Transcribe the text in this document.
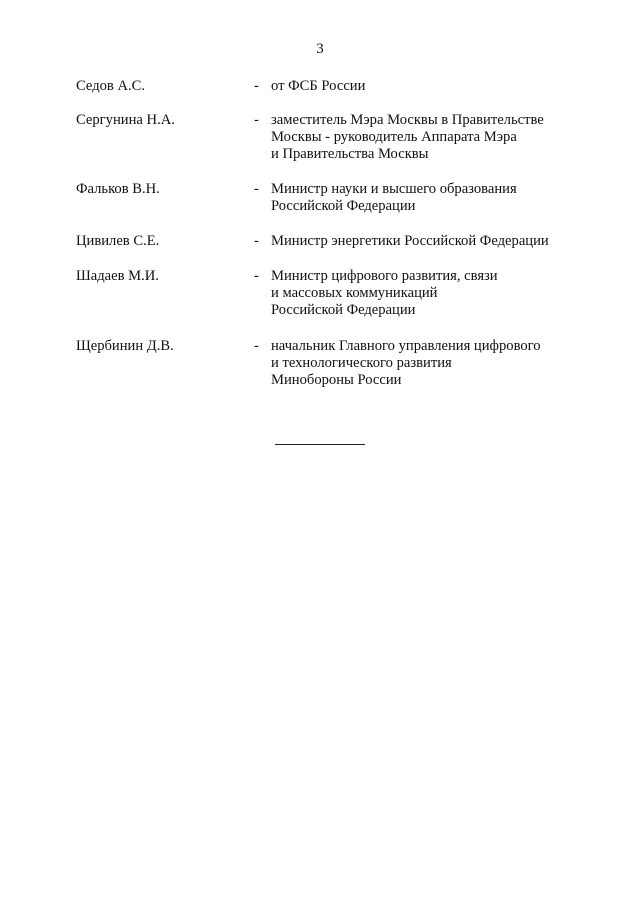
3
Седов А.С.	- от ФСБ России
Сергунина Н.А.	- заместитель Мэра Москвы в Правительстве
Москвы - руководитель Аппарата Мэра
и Правительства Москвы
Фальков В.Н.	- Министр науки и высшего образования
Российской Федерации
Цивилев С.Е.	- Министр энергетики Российской Федерации
Шадаев М.И.	- Министр цифрового развития, связи
и массовых коммуникаций
Российской Федерации
Щербинин Д.В.	- начальник Главного управления цифрового
и технологического развития
Минобороны России
